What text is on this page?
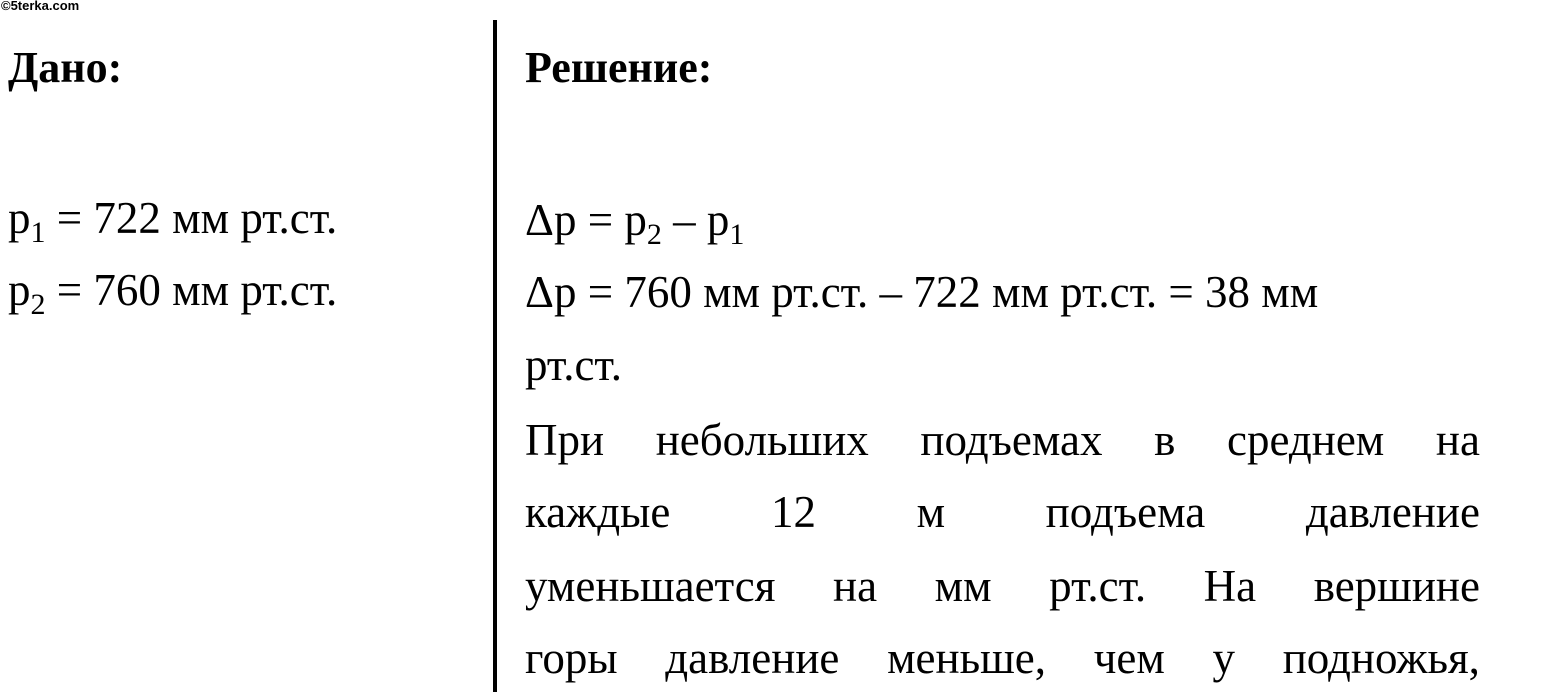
©5terka.com
Дано:
$p_1 = 722$ мм рт.ст.
$p_2 = 760$ мм рт.ст.
Решение:
$\Delta p = p_2 - p_1$
Δp = 760 мм рт.ст. – 722 мм рт.ст. = 38 мм
рт.ст.
При небольших подъемах в среднем на
каждые 12 м подъема давление
уменьшается на мм рт.ст. На вершине
горы давление меньше, чем у подножья,
